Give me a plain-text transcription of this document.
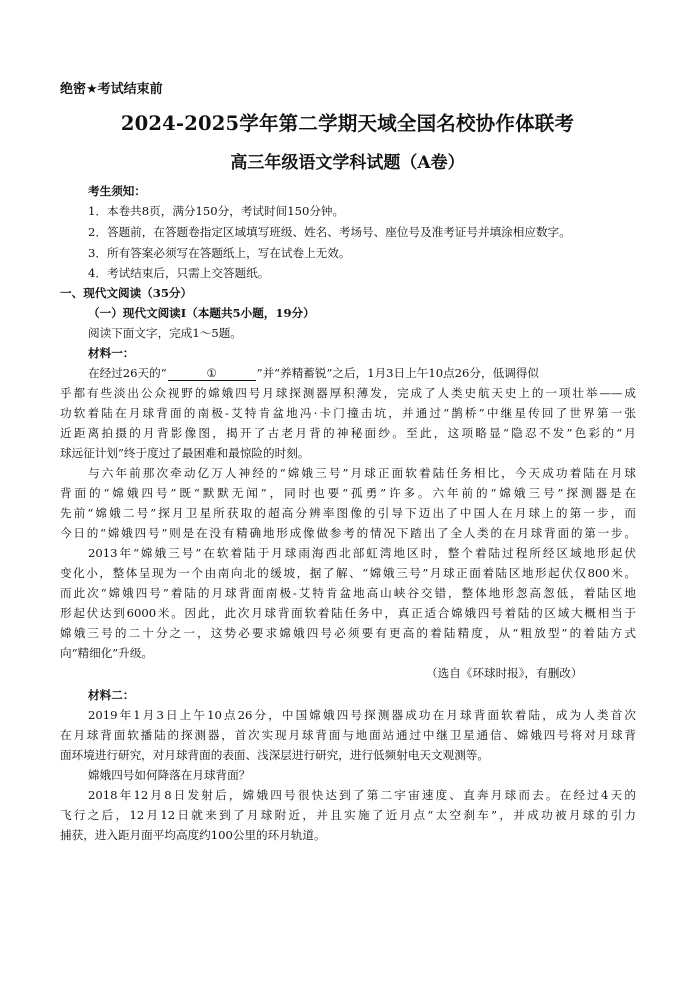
绝密★考试结束前
2024-2025学年第二学期天域全国名校协作体联考
高三年级语文学科试题（A卷）
考生须知：
1．本卷共8页，满分150分，考试时间150分钟。
2．答题前，在答题卷指定区域填写班级、姓名、考场号、座位号及准考证号并填涂相应数字。
3．所有答案必须写在答题纸上，写在试卷上无效。
4．考试结束后，只需上交答题纸。
一、现代文阅读（35分）
（一）现代文阅读Ⅰ（本题共5小题，19分）
阅读下面文字，完成1～5题。
材料一：
在经过26天的“	①	”并“养精蓄锐”之后，1月3日上午10点26分，低调得似
乎都有些淡出公众视野的嫦娥四号月球探测器厚积薄发，完成了人类史航天史上的一项壮举——成
功软着陆在月球背面的南极-艾特肯盆地冯·卡门撞击坑，并通过“鹊桥”中继星传回了世界第一张
近距离拍摄的月背影像图，揭开了古老月背的神秘面纱。至此，这项略显“隐忍不发”色彩的“月
球远征计划”终于度过了最困难和最惊险的时刻。
与六年前那次牵动亿万人神经的“嫦娥三号”月球正面软着陆任务相比，今天成功着陆在月球
背面的“嫦娥四号”既“默默无闻”，同时也要“孤勇”许多。六年前的“嫦娥三号”探测器是在
先前“嫦娥二号”探月卫星所获取的超高分辨率图像的引导下迈出了中国人在月球上的第一步，而
今日的“嫦娥四号”则是在没有精确地形成像做参考的情况下踏出了全人类的在月球背面的第一步。
2013年“嫦娥三号”在软着陆于月球雨海西北部虹湾地区时，整个着陆过程所经区域地形起伏
变化小，整体呈现为一个由南向北的缓坡，据了解、“嫦娥三号”月球正面着陆区地形起伏仅800米。
而此次“嫦娥四号”着陆的月球背面南极-艾特肯盆地高山峡谷交错，整体地形怱高怱低，着陆区地
形起伏达到6000米。因此，此次月球背面软着陆任务中，真正适合嫦娥四号着陆的区域大概相当于
嫦娥三号的二十分之一，这势必要求嫦娥四号必须要有更高的着陆精度，从“粗放型”的着陆方式
向“精细化”升级。
（选自《环球时报》，有删改）
材料二：
2019年1月3日上午10点26分，中国嫦娥四号探测器成功在月球背面软着陆，成为人类首次
在月球背面软播陆的探测器，首次实现月球背面与地面站通过中继卫星通信、嫦娥四号将对月球背
面环境进行研究，对月球背面的表面、浅深层进行研究，进行低频射电天文观测等。
嫦娥四号如何降落在月球背面？
2018年12月8日发射后，嫦娥四号很快达到了第二宇宙速度、直奔月球而去。在经过4天的
飞行之后，12月12日就来到了月球附近，并且实施了近月点“太空刹车”，并成功被月球的引力
捕获，进入距月面平均高度约100公里的环月轨道。
